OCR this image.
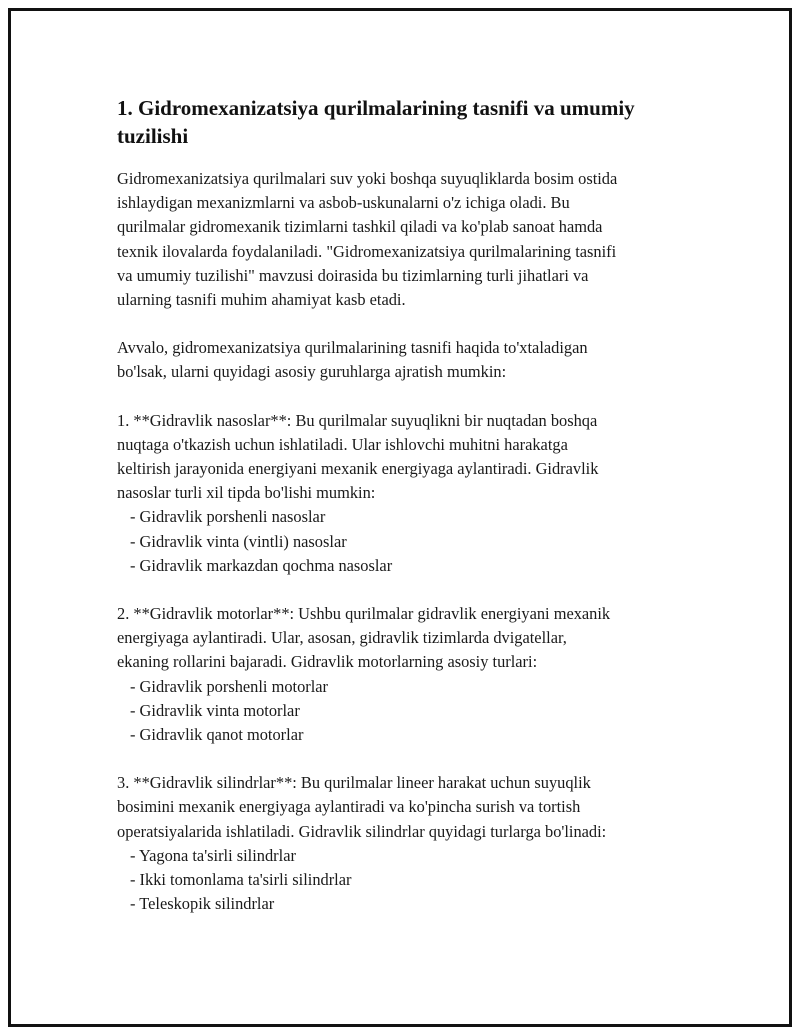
1. Gidromexanizatsiya qurilmalarining tasnifi va umumiy
tuzilishi

Gidromexanizatsiya qurilmalari suv yoki boshqa suyuqliklarda bosim ostida
ishlaydigan mexanizmlarni va asbob-uskunalarni o'z ichiga oladi. Bu
qurilmalar gidromexanik tizimlarni tashkil qiladi va ko'plab sanoat hamda
texnik ilovalarda foydalaniladi. "Gidromexanizatsiya qurilmalarining tasnifi
va umumiy tuzilishi" mavzusi doirasida bu tizimlarning turli jihatlari va
ularning tasnifi muhim ahamiyat kasb etadi.

Avvalo, gidromexanizatsiya qurilmalarining tasnifi haqida to'xtaladigan
bo'lsak, ularni quyidagi asosiy guruhlarga ajratish mumkin:

1. **Gidravlik nasoslar**: Bu qurilmalar suyuqlikni bir nuqtadan boshqa
nuqtaga o'tkazish uchun ishlatiladi. Ular ishlovchi muhitni harakatga
keltirish jarayonida energiyani mexanik energiyaga aylantiradi. Gidravlik
nasoslar turli xil tipda bo'lishi mumkin:
- Gidravlik porshenli nasoslar
- Gidravlik vinta (vintli) nasoslar
- Gidravlik markazdan qochma nasoslar
2. **Gidravlik motorlar**: Ushbu qurilmalar gidravlik energiyani mexanik
energiyaga aylantiradi. Ular, asosan, gidravlik tizimlarda dvigatellar,
ekaning rollarini bajaradi. Gidravlik motorlarning asosiy turlari:
- Gidravlik porshenli motorlar
- Gidravlik vinta motorlar
- Gidravlik qanot motorlar
3. **Gidravlik silindrlar**: Bu qurilmalar lineer harakat uchun suyuqlik
bosimini mexanik energiyaga aylantiradi va ko'pincha surish va tortish
operatsiyalarida ishlatiladi. Gidravlik silindrlar quyidagi turlarga bo'linadi:
- Yagona ta'sirli silindrlar
- Ikki tomonlama ta'sirli silindrlar
- Teleskopik silindrlar
